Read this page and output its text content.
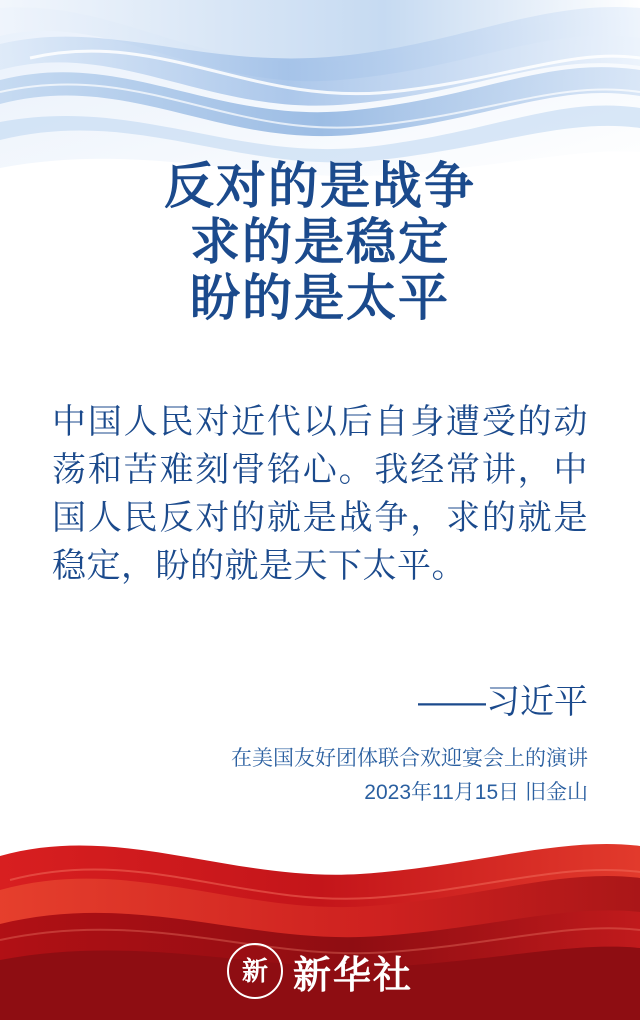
反对的是战争
求的是稳定
盼的是太平
中国人民对近代以后自身遭受的动荡和苦难刻骨铭心。我经常讲，中国人民反对的就是战争，求的就是稳定，盼的就是天下太平。
——习近平
在美国友好团体联合欢迎宴会上的演讲
2023年11月15日 旧金山
新 新华社
